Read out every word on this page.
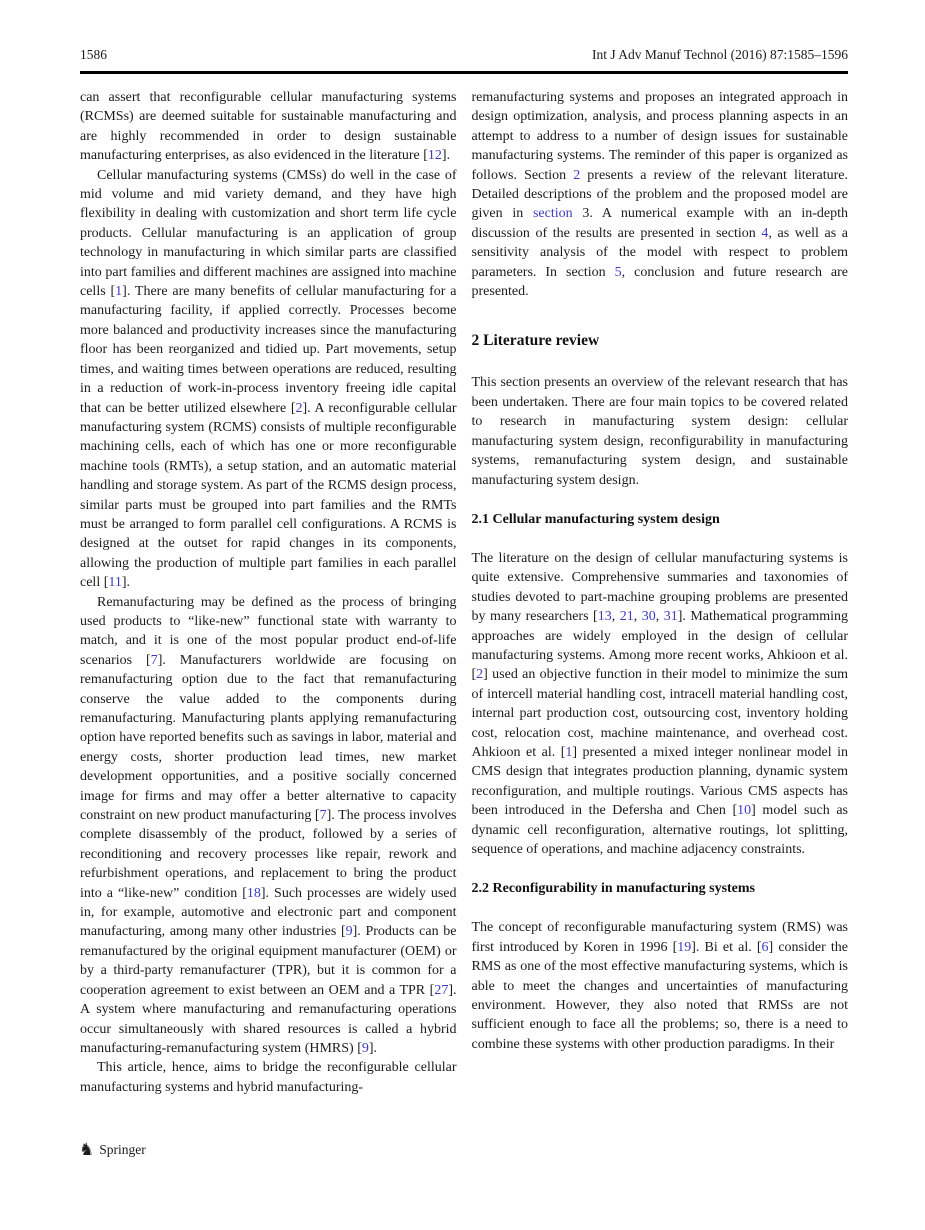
1586	Int J Adv Manuf Technol (2016) 87:1585–1596

can assert that reconfigurable cellular manufacturing systems (RCMSs) are deemed suitable for sustainable manufacturing and are highly recommended in order to design sustainable manufacturing enterprises, as also evidenced in the literature [12].

Cellular manufacturing systems (CMSs) do well in the case of mid volume and mid variety demand, and they have high flexibility in dealing with customization and short term life cycle products. Cellular manufacturing is an application of group technology in manufacturing in which similar parts are classified into part families and different machines are assigned into machine cells [1]. There are many benefits of cellular manufacturing for a manufacturing facility, if applied correctly. Processes become more balanced and productivity increases since the manufacturing floor has been reorganized and tidied up. Part movements, setup times, and waiting times between operations are reduced, resulting in a reduction of work-in-process inventory freeing idle capital that can be better utilized elsewhere [2]. A reconfigurable cellular manufacturing system (RCMS) consists of multiple reconfigurable machining cells, each of which has one or more reconfigurable machine tools (RMTs), a setup station, and an automatic material handling and storage system. As part of the RCMS design process, similar parts must be grouped into part families and the RMTs must be arranged to form parallel cell configurations. A RCMS is designed at the outset for rapid changes in its components, allowing the production of multiple part families in each parallel cell [11].

Remanufacturing may be defined as the process of bringing used products to “like-new” functional state with warranty to match, and it is one of the most popular product end-of-life scenarios [7]. Manufacturers worldwide are focusing on remanufacturing option due to the fact that remanufacturing conserve the value added to the components during remanufacturing. Manufacturing plants applying remanufacturing option have reported benefits such as savings in labor, material and energy costs, shorter production lead times, new market development opportunities, and a positive socially concerned image for firms and may offer a better alternative to capacity constraint on new product manufacturing [7]. The process involves complete disassembly of the product, followed by a series of reconditioning and recovery processes like repair, rework and refurbishment operations, and replacement to bring the product into a “like-new” condition [18]. Such processes are widely used in, for example, automotive and electronic part and component manufacturing, among many other industries [9]. Products can be remanufactured by the original equipment manufacturer (OEM) or by a third-party remanufacturer (TPR), but it is common for a cooperation agreement to exist between an OEM and a TPR [27]. A system where manufacturing and remanufacturing operations occur simultaneously with shared resources is called a hybrid manufacturing-remanufacturing system (HMRS) [9].

This article, hence, aims to bridge the reconfigurable cellular manufacturing systems and hybrid manufacturing-

remanufacturing systems and proposes an integrated approach in design optimization, analysis, and process planning aspects in an attempt to address to a number of design issues for sustainable manufacturing systems. The reminder of this paper is organized as follows. Section 2 presents a review of the relevant literature. Detailed descriptions of the problem and the proposed model are given in section 3. A numerical example with an in-depth discussion of the results are presented in section 4, as well as a sensitivity analysis of the model with respect to problem parameters. In section 5, conclusion and future research are presented.

2 Literature review

This section presents an overview of the relevant research that has been undertaken. There are four main topics to be covered related to research in manufacturing system design: cellular manufacturing system design, reconfigurability in manufacturing systems, remanufacturing system design, and sustainable manufacturing system design.

2.1 Cellular manufacturing system design

The literature on the design of cellular manufacturing systems is quite extensive. Comprehensive summaries and taxonomies of studies devoted to part-machine grouping problems are presented by many researchers [13, 21, 30, 31]. Mathematical programming approaches are widely employed in the design of cellular manufacturing systems. Among more recent works, Ahkioon et al. [2] used an objective function in their model to minimize the sum of intercell material handling cost, intracell material handling cost, internal part production cost, outsourcing cost, inventory holding cost, relocation cost, machine maintenance, and overhead cost. Ahkioon et al. [1] presented a mixed integer nonlinear model in CMS design that integrates production planning, dynamic system reconfiguration, and multiple routings. Various CMS aspects has been introduced in the Defersha and Chen [10] model such as dynamic cell reconfiguration, alternative routings, lot splitting, sequence of operations, and machine adjacency constraints.

2.2 Reconfigurability in manufacturing systems

The concept of reconfigurable manufacturing system (RMS) was first introduced by Koren in 1996 [19]. Bi et al. [6] consider the RMS as one of the most effective manufacturing systems, which is able to meet the changes and uncertainties of manufacturing environment. However, they also noted that RMSs are not sufficient enough to face all the problems; so, there is a need to combine these systems with other production paradigms. In their

♞ Springer
